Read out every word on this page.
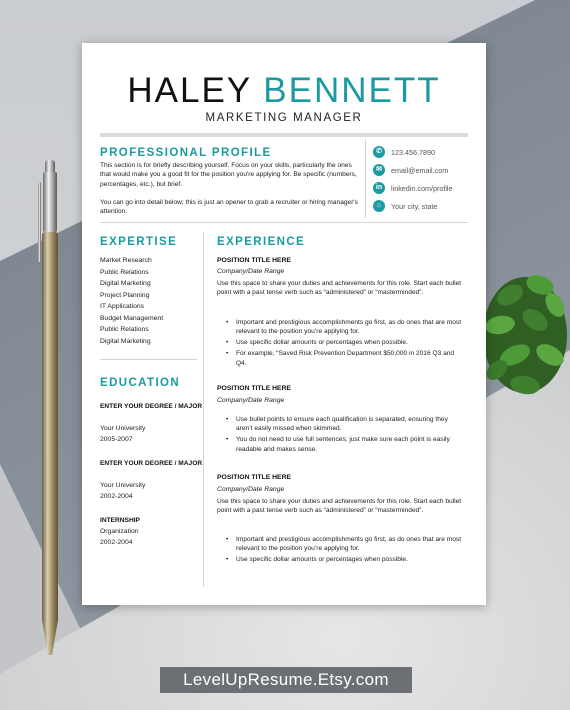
HALEY BENNETT
MARKETING MANAGER
PROFESSIONAL PROFILE
This section is for briefly describing yourself. Focus on your skills, particularly the ones that would make you a good fit for the position you're applying for. Be specific (numbers, percentages, etc.), but brief.
You can go into detail below; this is just an opener to grab a recruiter or hiring manager's attention.
✆	123.456.7890
✉	email@email.com
in	linkedin.com/profile
⌂	Your city, state
EXPERTISE
Market Research
Public Relations
Digital Marketing
Project Planning
IT Applications
Budget Management
Public Relations
Digital Marketing
EDUCATION
ENTER YOUR DEGREE / MAJOR
Your University
2005-2007
ENTER YOUR DEGREE / MAJOR
Your University
2002-2004
INTERNSHIP
Organization
2002-2004
EXPERIENCE
POSITION TITLE HERE
Company/Date Range
Use this space to share your duties and achievements for this role. Start each bullet point with a past tense verb such as “administered” or “masterminded”.
• Important and prestigious accomplishments go first, as do ones that are most relevant to the position you’re applying for.
• Use specific dollar amounts or percentages when possible.
• For example, “Saved Risk Prevention Department $50,000 in 2016 Q3 and Q4.
POSITION TITLE HERE
Company/Date Range
• Use bullet points to ensure each qualification is separated, ensuring they aren’t easily missed when skimmed.
• You do not need to use full sentences; just make sure each point is easily readable and makes sense.
POSITION TITLE HERE
Company/Date Range
Use this space to share your duties and achievements for this role. Start each bullet point with a past tense verb such as “administered” or “masterminded”.
• Important and prestigious accomplishments go first, as do ones that are most relevant to the position you’re applying for.
• Use specific dollar amounts or percentages when possible.
LevelUpResume.Etsy.com
